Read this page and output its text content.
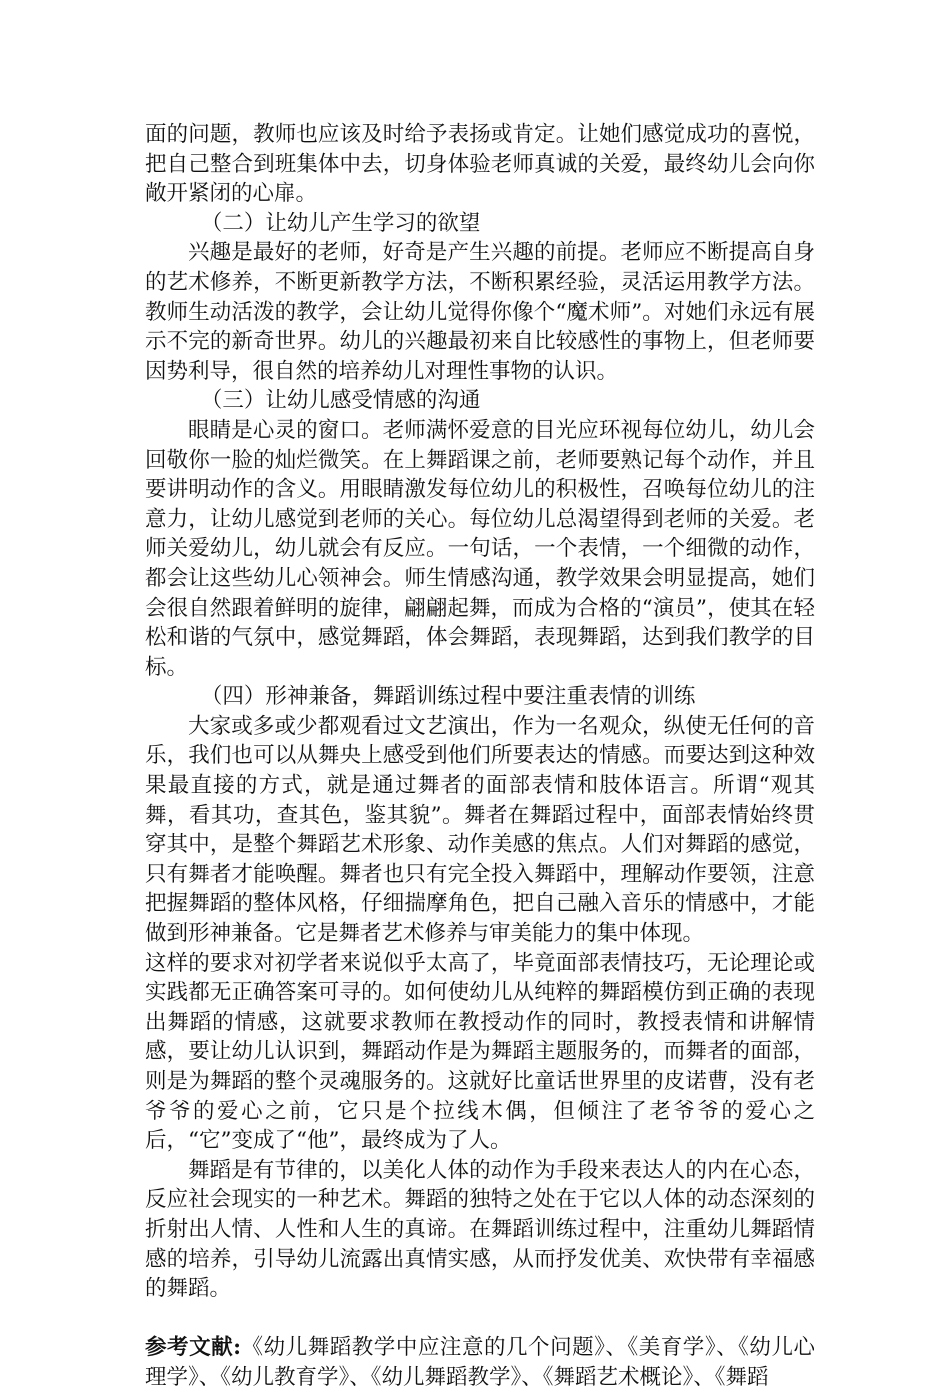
面的问题，教师也应该及时给予表扬或肯定。让她们感觉成功的喜悦，把自己整合到班集体中去，切身体验老师真诚的关爱，最终幼儿会向你敞开紧闭的心扉。

（二）让幼儿产生学习的欲望

兴趣是最好的老师，好奇是产生兴趣的前提。老师应不断提高自身的艺术修养，不断更新教学方法，不断积累经验，灵活运用教学方法。教师生动活泼的教学，会让幼儿觉得你像个“魔术师”。对她们永远有展示不完的新奇世界。幼儿的兴趣最初来自比较感性的事物上，但老师要因势利导，很自然的培养幼儿对理性事物的认识。

（三）让幼儿感受情感的沟通

眼睛是心灵的窗口。老师满怀爱意的目光应环视每位幼儿，幼儿会回敬你一脸的灿烂微笑。在上舞蹈课之前，老师要熟记每个动作，并且要讲明动作的含义。用眼睛激发每位幼儿的积极性，召唤每位幼儿的注意力，让幼儿感觉到老师的关心。每位幼儿总渴望得到老师的关爱。老师关爱幼儿，幼儿就会有反应。一句话，一个表情，一个细微的动作，都会让这些幼儿心领神会。师生情感沟通，教学效果会明显提高，她们会很自然跟着鲜明的旋律，翩翩起舞，而成为合格的“演员”，使其在轻松和谐的气氛中，感觉舞蹈，体会舞蹈，表现舞蹈，达到我们教学的目标。

（四）形神兼备，舞蹈训练过程中要注重表情的训练

大家或多或少都观看过文艺演出，作为一名观众，纵使无任何的音乐，我们也可以从舞央上感受到他们所要表达的情感。而要达到这种效果最直接的方式，就是通过舞者的面部表情和肢体语言。所谓“观其舞，看其功，查其色，鉴其貌”。舞者在舞蹈过程中，面部表情始终贯穿其中，是整个舞蹈艺术形象、动作美感的焦点。人们对舞蹈的感觉，只有舞者才能唤醒。舞者也只有完全投入舞蹈中，理解动作要领，注意把握舞蹈的整体风格，仔细揣摩角色，把自己融入音乐的情感中，才能做到形神兼备。它是舞者艺术修养与审美能力的集中体现。

这样的要求对初学者来说似乎太高了，毕竟面部表情技巧，无论理论或实践都无正确答案可寻的。如何使幼儿从纯粹的舞蹈模仿到正确的表现出舞蹈的情感，这就要求教师在教授动作的同时，教授表情和讲解情感，要让幼儿认识到，舞蹈动作是为舞蹈主题服务的，而舞者的面部，则是为舞蹈的整个灵魂服务的。这就好比童话世界里的皮诺曹，没有老爷爷的爱心之前，它只是个拉线木偶，但倾注了老爷爷的爱心之后，“它”变成了“他”，最终成为了人。

舞蹈是有节律的，以美化人体的动作为手段来表达人的内在心态，反应社会现实的一种艺术。舞蹈的独特之处在于它以人体的动态深刻的折射出人情、人性和人生的真谛。在舞蹈训练过程中，注重幼儿舞蹈情感的培养，引导幼儿流露出真情实感，从而抒发优美、欢快带有幸福感的舞蹈。

参考文献:《幼儿舞蹈教学中应注意的几个问题》、《美育学》、《幼儿心理学》、《幼儿教育学》、《幼儿舞蹈教学》、《舞蹈艺术概论》、《舞蹈
